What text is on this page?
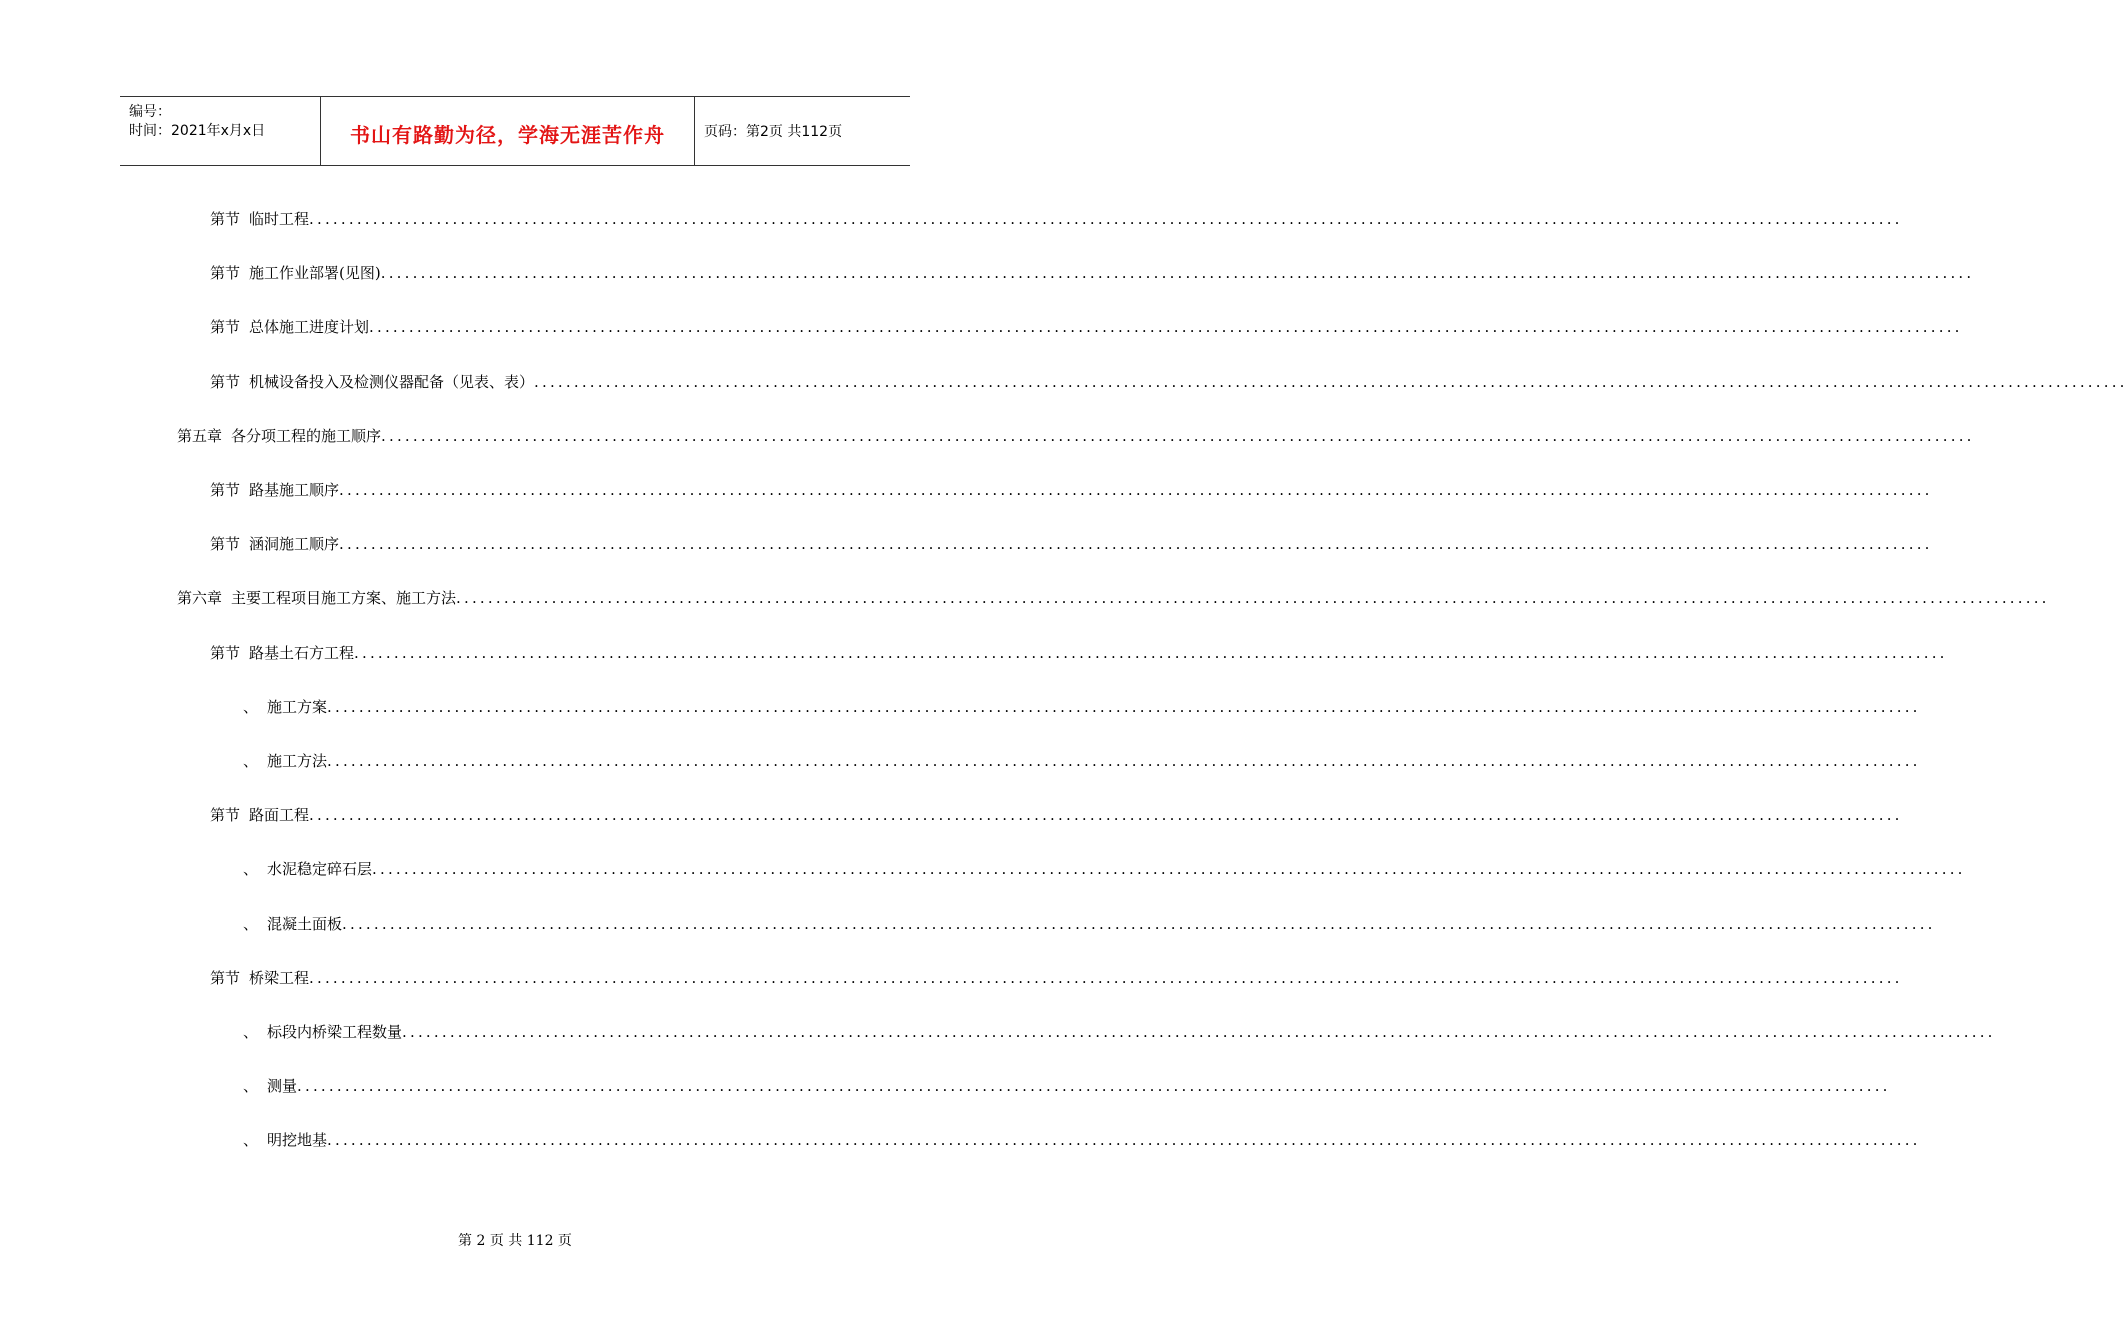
编号：
时间：2021年x月x日	书山有路勤为径，学海无涯苦作舟	页码：第2页 共112页
第节 临时工程 ........................................................................................................................................................................................................
第节 施工作业部署(见图) ........................................................................................................................................................................................................
第节 总体施工进度计划 ........................................................................................................................................................................................................
第节 机械设备投入及检测仪器配备（见表、表） ........................................................................................................................................................................................................
第五章 各分项工程的施工顺序 ........................................................................................................................................................................................................
第节 路基施工顺序 ........................................................................................................................................................................................................
第节 涵洞施工顺序 ........................................................................................................................................................................................................
第六章 主要工程项目施工方案、施工方法 ........................................................................................................................................................................................................
第节 路基土石方工程 ........................................................................................................................................................................................................
、 施工方案 ........................................................................................................................................................................................................
、 施工方法 ........................................................................................................................................................................................................
第节 路面工程 ........................................................................................................................................................................................................
、 水泥稳定碎石层 ........................................................................................................................................................................................................
、 混凝土面板 ........................................................................................................................................................................................................
第节 桥梁工程 ........................................................................................................................................................................................................
、 标段内桥梁工程数量 ........................................................................................................................................................................................................
、 测量 ........................................................................................................................................................................................................
、 明挖地基 ........................................................................................................................................................................................................
第 2 页 共 112 页
